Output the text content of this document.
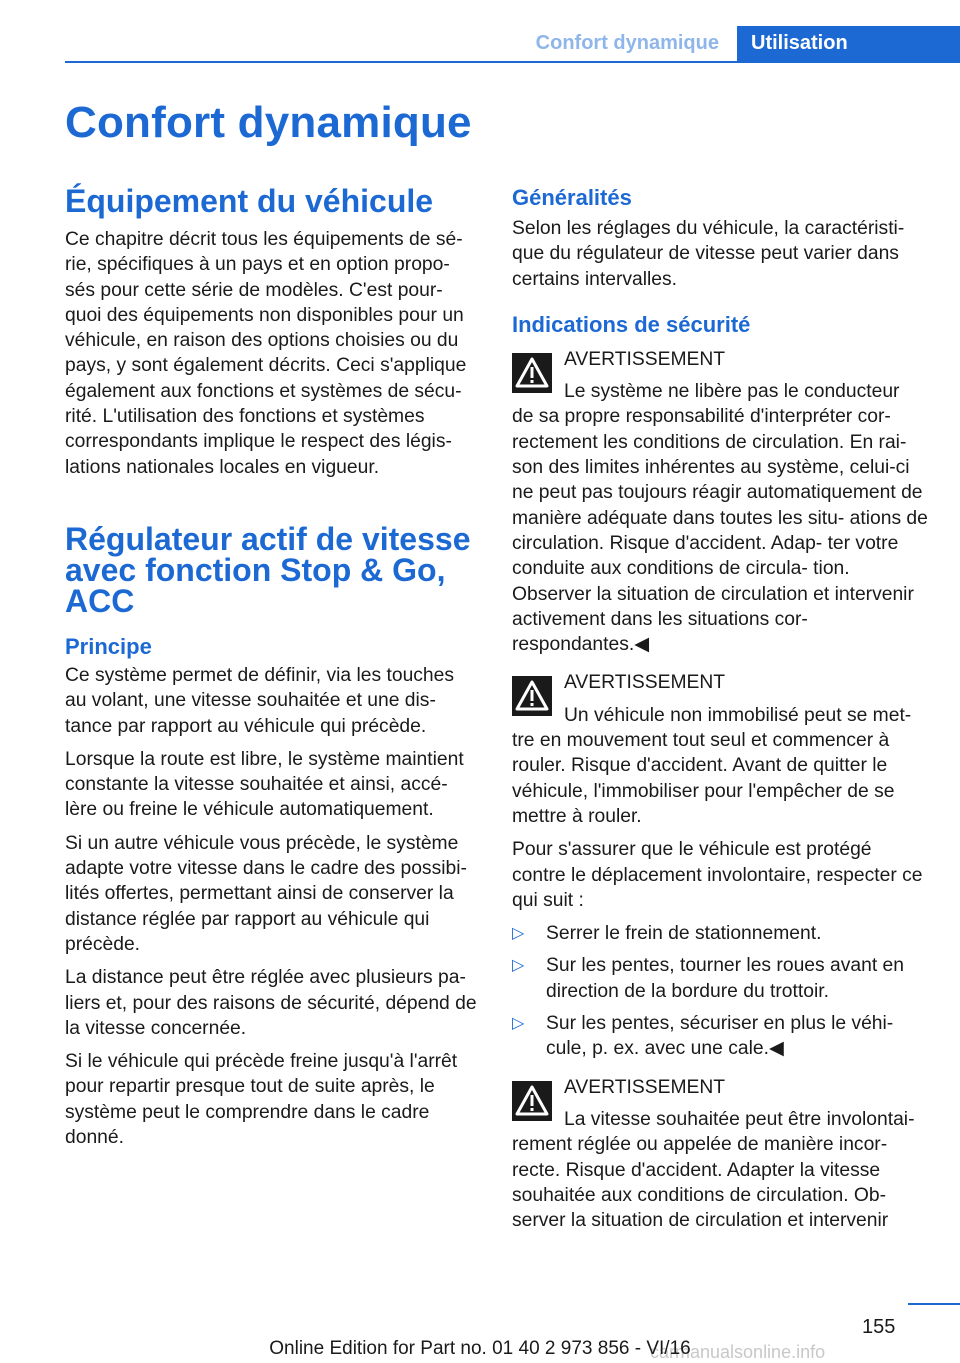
Confort dynamique	Utilisation
Confort dynamique
Équipement du véhicule

Ce chapitre décrit tous les équipements de sé‐ rie, spécifiques à un pays et en option propo‐ sés pour cette série de modèles. C'est pour‐ quoi des équipements non disponibles pour un véhicule, en raison des options choisies ou du pays, y sont également décrits. Ceci s'applique également aux fonctions et systèmes de sécu‐ rité. L'utilisation des fonctions et systèmes correspondants implique le respect des légis‐ lations nationales locales en vigueur.

Régulateur actif de vitesse avec fonction Stop & Go, ACC
Principe

Ce système permet de définir, via les touches au volant, une vitesse souhaitée et une dis‐ tance par rapport au véhicule qui précède.

Lorsque la route est libre, le système maintient constante la vitesse souhaitée et ainsi, accé‐ lère ou freine le véhicule automatiquement.

Si un autre véhicule vous précède, le système adapte votre vitesse dans le cadre des possibi‐ lités offertes, permettant ainsi de conserver la distance réglée par rapport au véhicule qui précède.

La distance peut être réglée avec plusieurs pa‐ liers et, pour des raisons de sécurité, dépend de la vitesse concernée.

Si le véhicule qui précède freine jusqu'à l'arrêt pour repartir presque tout de suite après, le système peut le comprendre dans le cadre donné.

Généralités

Selon les réglages du véhicule, la caractéristi‐ que du régulateur de vitesse peut varier dans certains intervalles.

Indications de sécurité

AVERTISSEMENT

Le système ne libère pas le conducteur

de sa propre responsabilité d'interpréter cor‐ rectement les conditions de circulation. En rai‐ son des limites inhérentes au système, celui-ci ne peut pas toujours réagir automatiquement de manière adéquate dans toutes les situ‐ ations de circulation. Risque d'accident. Adap‐ ter votre conduite aux conditions de circula‐ tion. Observer la situation de circulation et intervenir activement dans les situations cor‐ respondantes.◀

AVERTISSEMENT

Un véhicule non immobilisé peut se met‐

tre en mouvement tout seul et commencer à rouler. Risque d'accident. Avant de quitter le véhicule, l'immobiliser pour l'empêcher de se mettre à rouler.

Pour s'assurer que le véhicule est protégé contre le déplacement involontaire, respecter ce qui suit :

▷ Serrer le frein de stationnement.
▷ Sur les pentes, tourner les roues avant en direction de la bordure du trottoir.
▷ Sur les pentes, sécuriser en plus le véhi‐ cule, p. ex. avec une cale.◀

AVERTISSEMENT

La vitesse souhaitée peut être involontai‐

rement réglée ou appelée de manière incor‐ recte. Risque d'accident. Adapter la vitesse souhaitée aux conditions de circulation. Ob‐ server la situation de circulation et intervenir

155
carmanualsonline.info
Online Edition for Part no. 01 40 2 973 856 - VI/16
